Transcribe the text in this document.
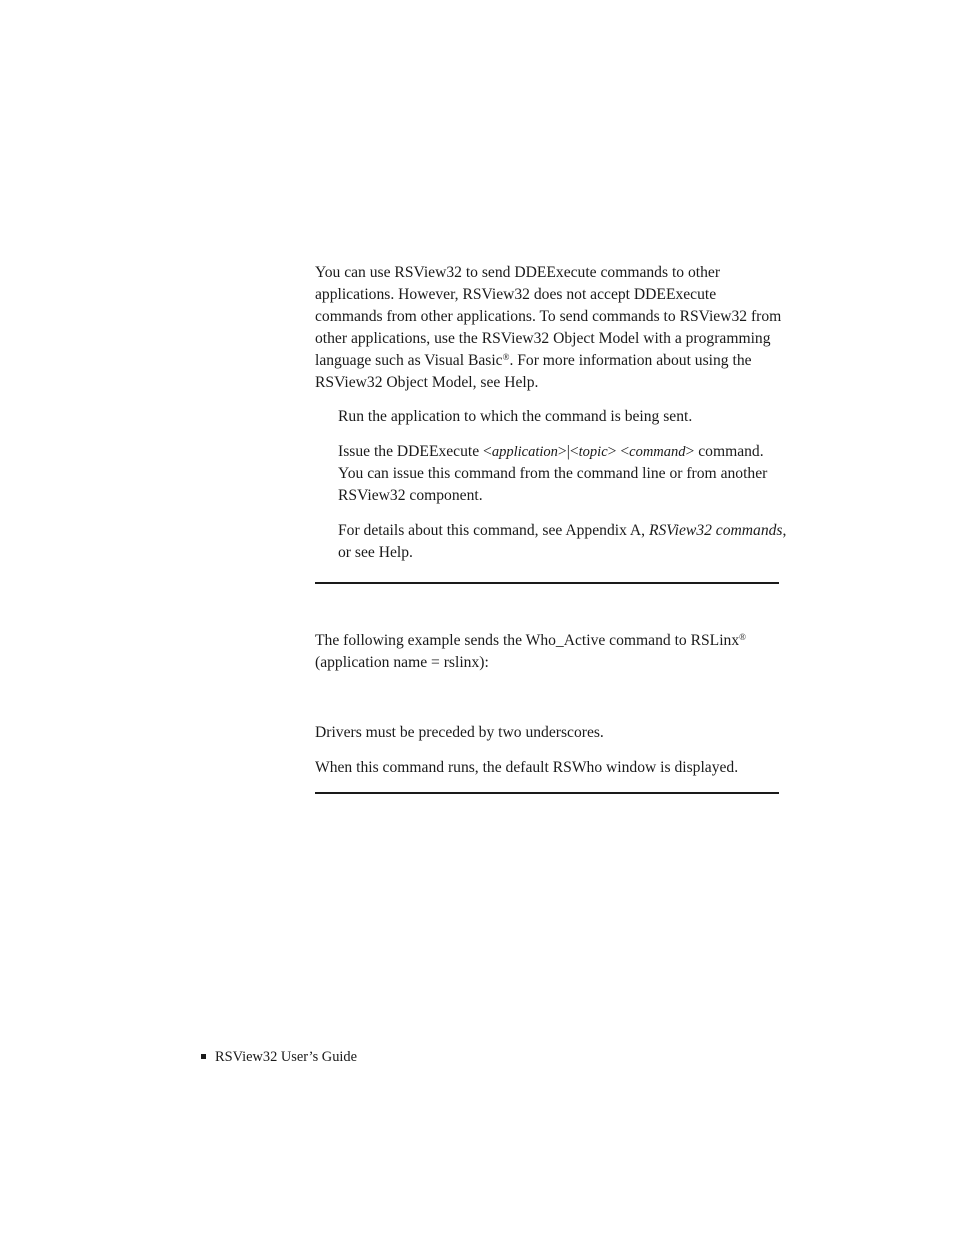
You can use RSView32 to send DDEExecute commands to other applications. However, RSView32 does not accept DDEExecute commands from other applications. To send commands to RSView32 from other applications, use the RSView32 Object Model with a programming language such as Visual Basic®. For more information about using the RSView32 Object Model, see Help.

Run the application to which the command is being sent.

Issue the DDEExecute <application>|<topic> <command> command. You can issue this command from the command line or from another RSView32 component.

For details about this command, see Appendix A, RSView32 commands, or see Help.

The following example sends the Who_Active command to RSLinx® (application name = rslinx):

Drivers must be preceded by two underscores.

When this command runs, the default RSWho window is displayed.

RSView32 User’s Guide
